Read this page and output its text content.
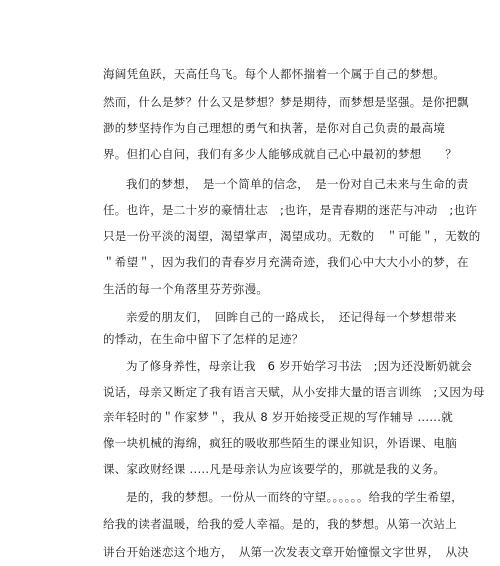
海阔凭鱼跃，天高任鸟飞。每个人都怀揣着一个属于自己的梦想。
然而，什么是梦？什么又是梦想？梦是期待，而梦想是坚强。是你把飘
渺的梦坚持作为自己理想的勇气和执著，是你对自己负责的最高境
界。但扪心自问，我们有多少人能够成就自己心中最初的梦想　　？
我们的梦想，　是一个简单的信念，　是一份对自己未来与生命的责
任。也许，是二十岁的豪情壮志　;也许，是青春期的迷茫与冲动　;也许
只是一份平淡的渴望，渴望掌声，渴望成功。无数的　＂可能＂，无数的
＂希望＂，因为我们的青春岁月充满奇迹，我们心中大大小小的梦，在
生活的每一个角落里芬芳弥漫。
亲爱的朋友们，　回眸自己的一路成长，　还记得每一个梦想带来
的悸动，在生命中留下了怎样的足迹？
为了修身养性，母亲让我　6 岁开始学习书法　;因为还没断奶就会
说话，母亲又断定了我有语言天赋，从小安排大量的语言训练　;又因为母
亲年轻时的＂作家梦＂，我从 8 岁开始接受正规的写作辅导 ......就
像一块机械的海绵，疯狂的吸收那些陌生的课业知识，外语课、电脑
课、家政财经课 .....凡是母亲认为应该要学的，那就是我的义务。
是的，我的梦想。一份从一而终的守望。。。。。。给我的学生希望，
给我的读者温暖，给我的爱人幸福。是的，我的梦想。从第一次站上
讲台开始迷恋这个地方，　从第一次发表文章开始憧憬文字世界，　从决
